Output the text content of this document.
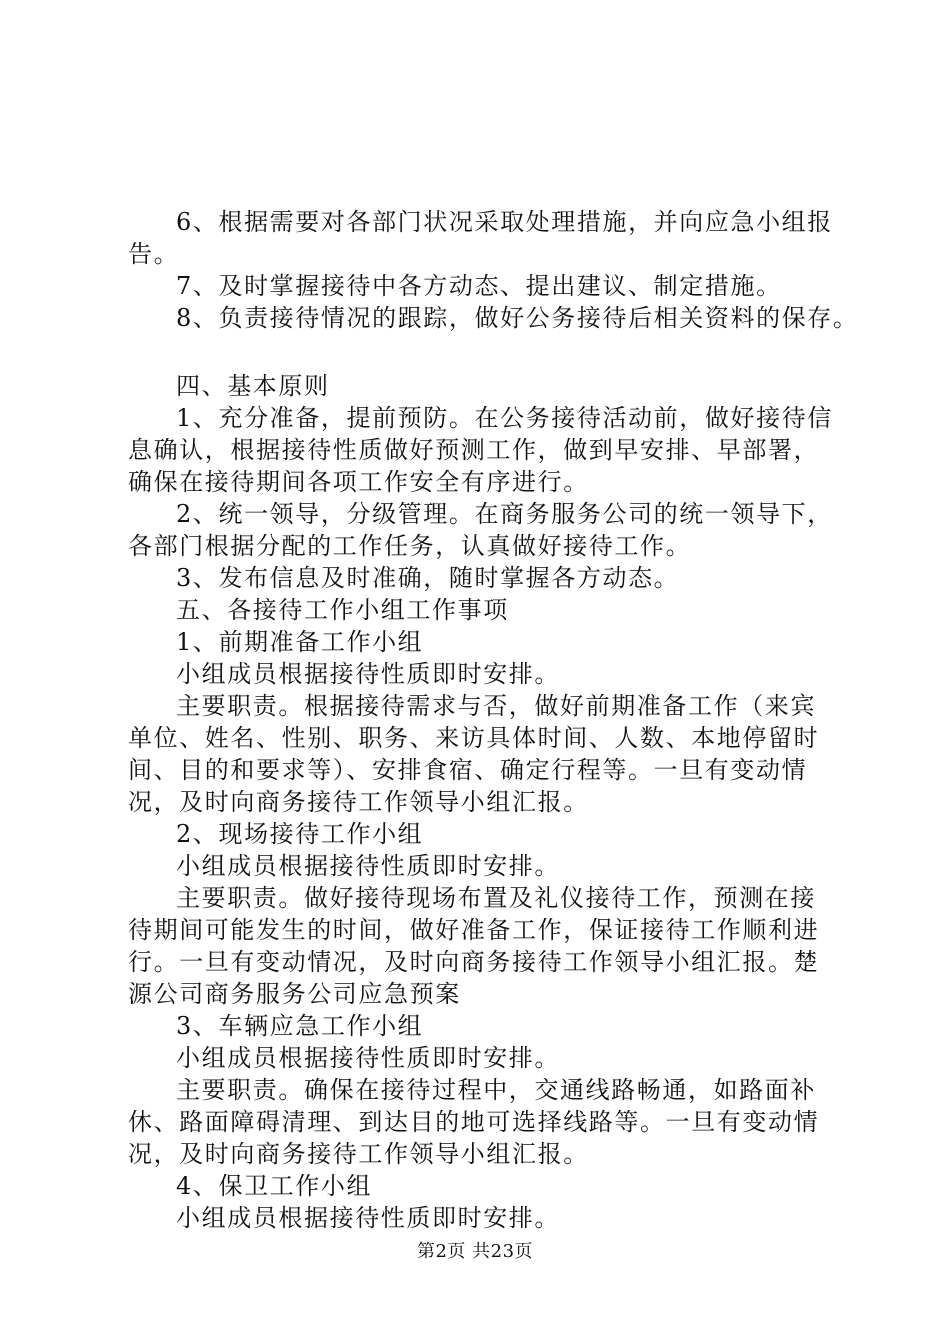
6、根据需要对各部门状况采取处理措施，并向应急小组报
告。
7、及时掌握接待中各方动态、提出建议、制定措施。
8、负责接待情况的跟踪，做好公务接待后相关资料的保存。
四、基本原则
1、充分准备，提前预防。在公务接待活动前，做好接待信
息确认，根据接待性质做好预测工作，做到早安排、早部署，
确保在接待期间各项工作安全有序进行。
2、统一领导，分级管理。在商务服务公司的统一领导下，
各部门根据分配的工作任务，认真做好接待工作。
3、发布信息及时准确，随时掌握各方动态。
五、各接待工作小组工作事项
1、前期准备工作小组
小组成员根据接待性质即时安排。
主要职责。根据接待需求与否，做好前期准备工作（来宾
单位、姓名、性别、职务、来访具体时间、人数、本地停留时
间、目的和要求等）、安排食宿、确定行程等。一旦有变动情
况，及时向商务接待工作领导小组汇报。
2、现场接待工作小组
小组成员根据接待性质即时安排。
主要职责。做好接待现场布置及礼仪接待工作，预测在接
待期间可能发生的时间，做好准备工作，保证接待工作顺利进
行。一旦有变动情况，及时向商务接待工作领导小组汇报。楚
源公司商务服务公司应急预案
3、车辆应急工作小组
小组成员根据接待性质即时安排。
主要职责。确保在接待过程中，交通线路畅通，如路面补
休、路面障碍清理、到达目的地可选择线路等。一旦有变动情
况，及时向商务接待工作领导小组汇报。
4、保卫工作小组
小组成员根据接待性质即时安排。
第2页 共23页
